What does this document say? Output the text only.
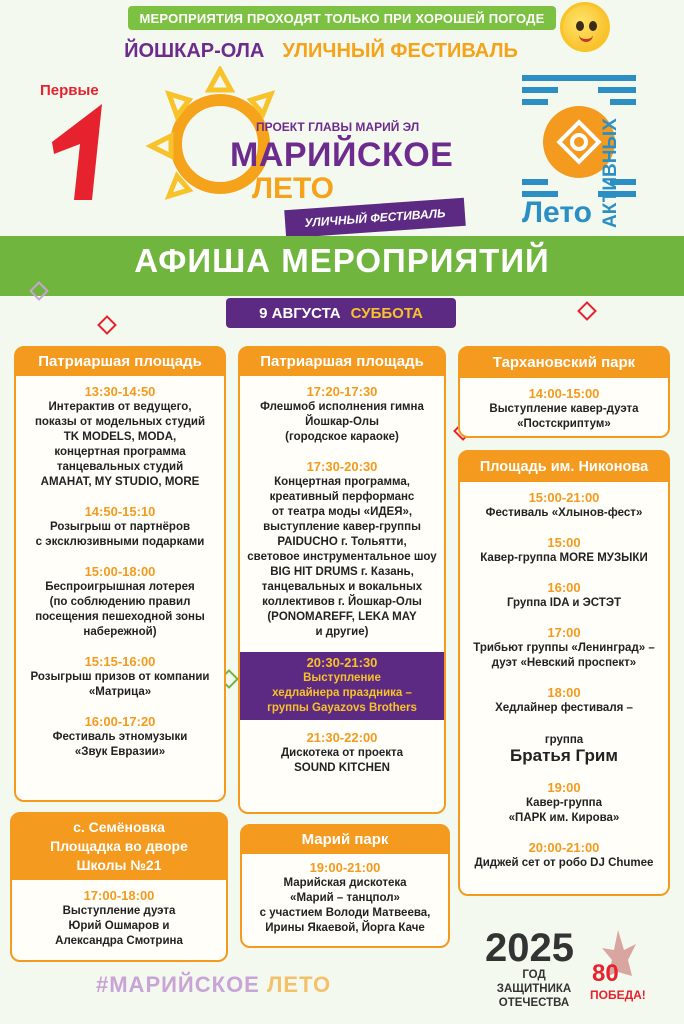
МЕРОПРИЯТИЯ ПРОХОДЯТ ТОЛЬКО ПРИ ХОРОШЕЙ ПОГОДЕ
ЙОШКАР-ОЛА УЛИЧНЫЙ ФЕСТИВАЛЬ
Первые
ПРОЕКТ ГЛАВЫ МАРИЙ ЭЛ
МАРИЙСКОЕ
ЛЕТО
УЛИЧНЫЙ ФЕСТИВАЛЬ	Лето АКТИВНЫХ
АФИША МЕРОПРИЯТИЙ
9 АВГУСТА СУББОТА
Патриаршая площадь
13:30-14:50
Интерактив от ведущего,
показы от модельных студий
TK MODELS, MODA,
концертная программа
танцевальных студий
AMAHAT, MY STUDIO, MORE
14:50-15:10
Розыгрыш от партнёров
с эксклюзивными подарками
15:00-18:00
Беспроигрышная лотерея
(по соблюдению правил
посещения пешеходной зоны
набережной)
15:15-16:00
Розыгрыш призов от компании
«Матрица»
16:00-17:20
Фестиваль этномузыки
«Звук Евразии»
с. Семёновка
Площадка во дворе
Школы №21
17:00-18:00
Выступление дуэта
Юрий Ошмаров и
Александра Смотрина
Патриаршая площадь
17:20-17:30
Флешмоб исполнения гимна
Йошкар-Олы
(городское караоке)
17:30-20:30
Концертная программа,
креативный перформанс
от театра моды «ИДЕЯ»,
выступление кавер-группы
PAIDUCHO г. Тольятти,
световое инструментальное шоу
BIG HIT DRUMS г. Казань,
танцевальных и вокальных
коллективов г. Йошкар-Олы
(PONOMAREFF, LEKA MAY
и другие)
20:30-21:30
Выступление
хедлайнера праздника –
группы Gayazovs Brothers
21:30-22:00
Дискотека от проекта
SOUND KITCHEN
Марий парк
19:00-21:00
Марийская дискотека
«Марий – танцпол»
с участием Володи Матвеева,
Ирины Якаевой, Йорга Каче
Тархановский парк
14:00-15:00
Выступление кавер-дуэта
«Постскриптум»
Площадь им. Никонова
15:00-21:00
Фестиваль «Хлынов-фест»
15:00
Кавер-группа MORE МУЗЫКИ
16:00
Группа IDA и ЭСТЭТ
17:00
Трибьют группы «Ленинград» –
дуэт «Невский проспект»
18:00
Хедлайнер фестиваля –

группа
Братья Грим

19:00
Кавер-группа
«ПАРК им. Кирова»
20:00-21:00
Диджей сет от робо DJ Chumee
#МАРИЙСКОЕ ЛЕТО
2025
ГОД ЗАЩИТНИКА ОТЕЧЕСТВА
80
ПОБЕДА!
